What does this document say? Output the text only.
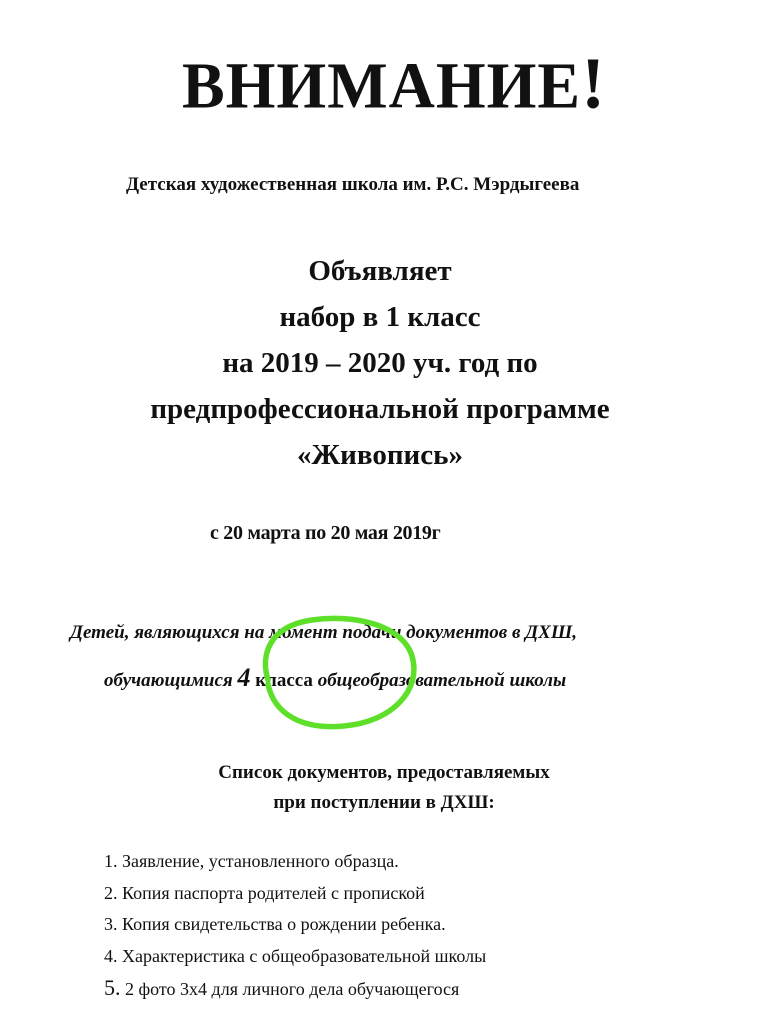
ВНИМАНИЕ!
Детская художественная школа им. Р.С. Мэрдыгеева
Объявляет
набор в 1 класс
на 2019 – 2020 уч. год по
предпрофессиональной программе
«Живопись»
с 20 марта по 20 мая 2019г
Детей, являющихся на момент подачи документов в ДХШ,
обучающимися 4 класса общеобразовательной школы
Список документов, предоставляемых
при поступлении в ДХШ:
1. Заявление, установленного образца.
2. Копия паспорта родителей с пропиской
3. Копия свидетельства о рождении ребенка.
4. Характеристика с общеобразовательной школы
5. 2 фото 3х4 для личного дела обучающегося
